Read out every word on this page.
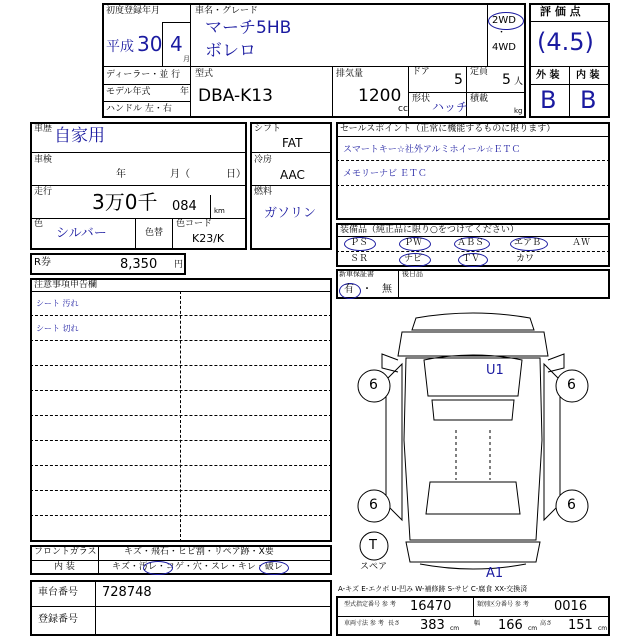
初度登録年月
平成 30 4
月
車名・グレード
マーチ5HB
ボレロ
2WD
・
4WD
ディーラー・並 行
モデル年式	年
ハンドル 左・右
型式
DBA-K13
排気量
1200
cc
ドア 5 定員 5 人
形状
ハッチ
積載
kg
評 価 点
(4.5)
外 装 内 装
B B
車歴 自家用
車検
年	月（	日）
走行 3万0千 084 km
色
シルバー	色替
色コード
K23/K
シフト
FAT
冷房
AAC
燃料
ガソリン
セールスポイント（正常に機能するものに限ります）
スマートキー☆社外アルミホイール☆ＥＴＣ
メモリーナビ ＥＴＣ
装備品（純正品に限り○をつけてください）
ＰＳ	ＰＷ	ＡＢＳ	エアＢ	ＡＷ
ＳＲ	ナビ	ＴＶ	カワ
新車保証書
有 ・ 無
後日品
R券	8,350 円
注意事項申告欄
シート 汚れ
シート 切れ
フロントガラス	キズ・飛石・ヒビ割・リペア跡・X要
内 装	キズ・汚レ・コゲ・穴・スレ・キレ・破レ
車台番号 728748
登録番号
U1
A1
6	6
6	6
T
スペア
A-キズ E-エクボ U-凹み W-補修跡 S-サビ C-腐食 XX-交換済
型式指定番号 参 考 16470	類別区分番号 参 考 0016
車両寸法 参 考 長さ 383 cm
幅 166 cm
高さ 151 cm
